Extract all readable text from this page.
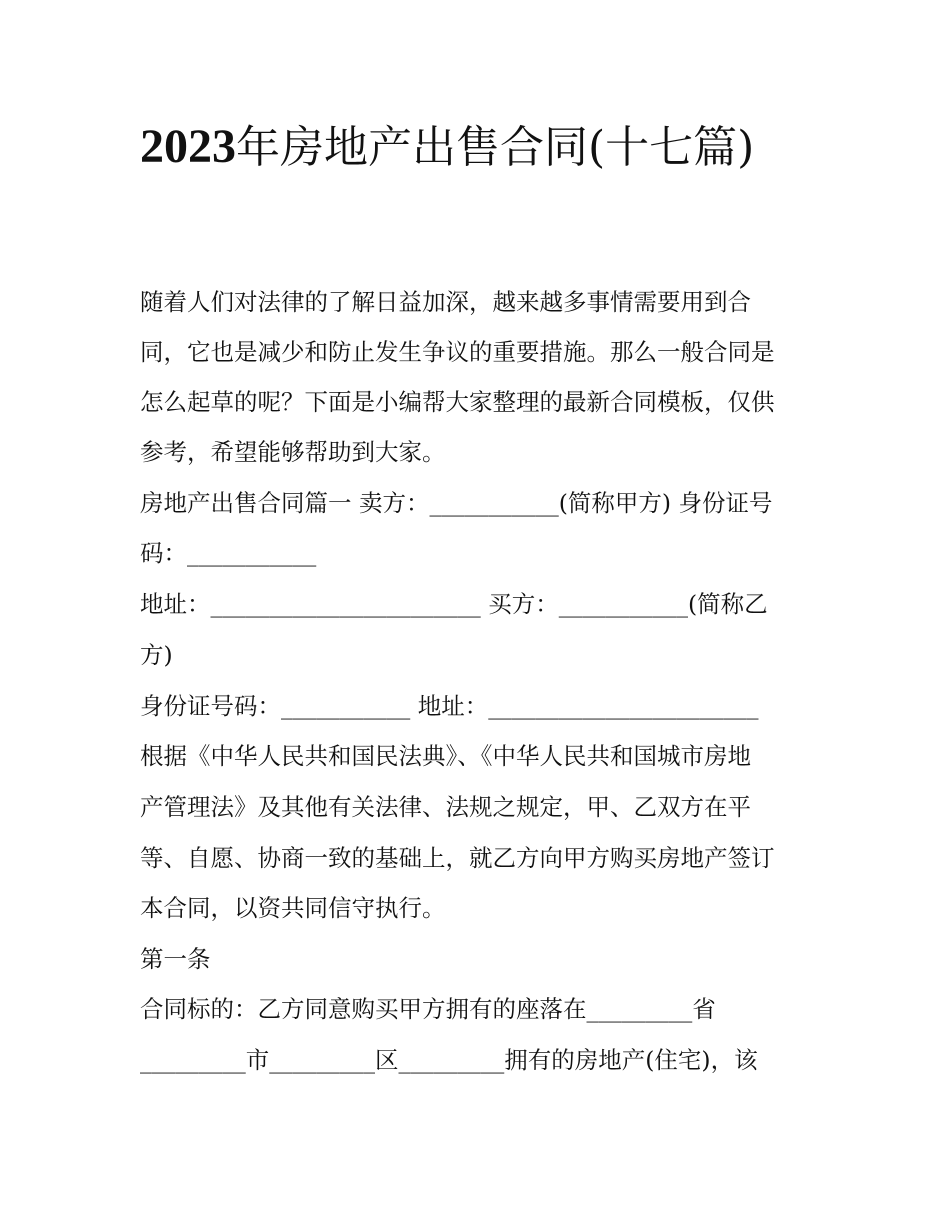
2023年房地产出售合同(十七篇)
随着人们对法律的了解日益加深，越来越多事情需要用到合
同，它也是减少和防止发生争议的重要措施。那么一般合同是
怎么起草的呢？下面是小编帮大家整理的最新合同模板，仅供
参考，希望能够帮助到大家。
房地产出售合同篇一 卖方：___________(简称甲方) 身份证号
码：___________
地址：_______________________ 买方：___________(简称乙
方)
身份证号码：___________ 地址：_______________________
根据《中华人民共和国民法典》、《中华人民共和国城市房地
产管理法》及其他有关法律、法规之规定，甲、乙双方在平
等、自愿、协商一致的基础上，就乙方向甲方购买房地产签订
本合同，以资共同信守执行。
第一条
合同标的：乙方同意购买甲方拥有的座落在_________省
_________市_________区_________拥有的房地产(住宅)，该
